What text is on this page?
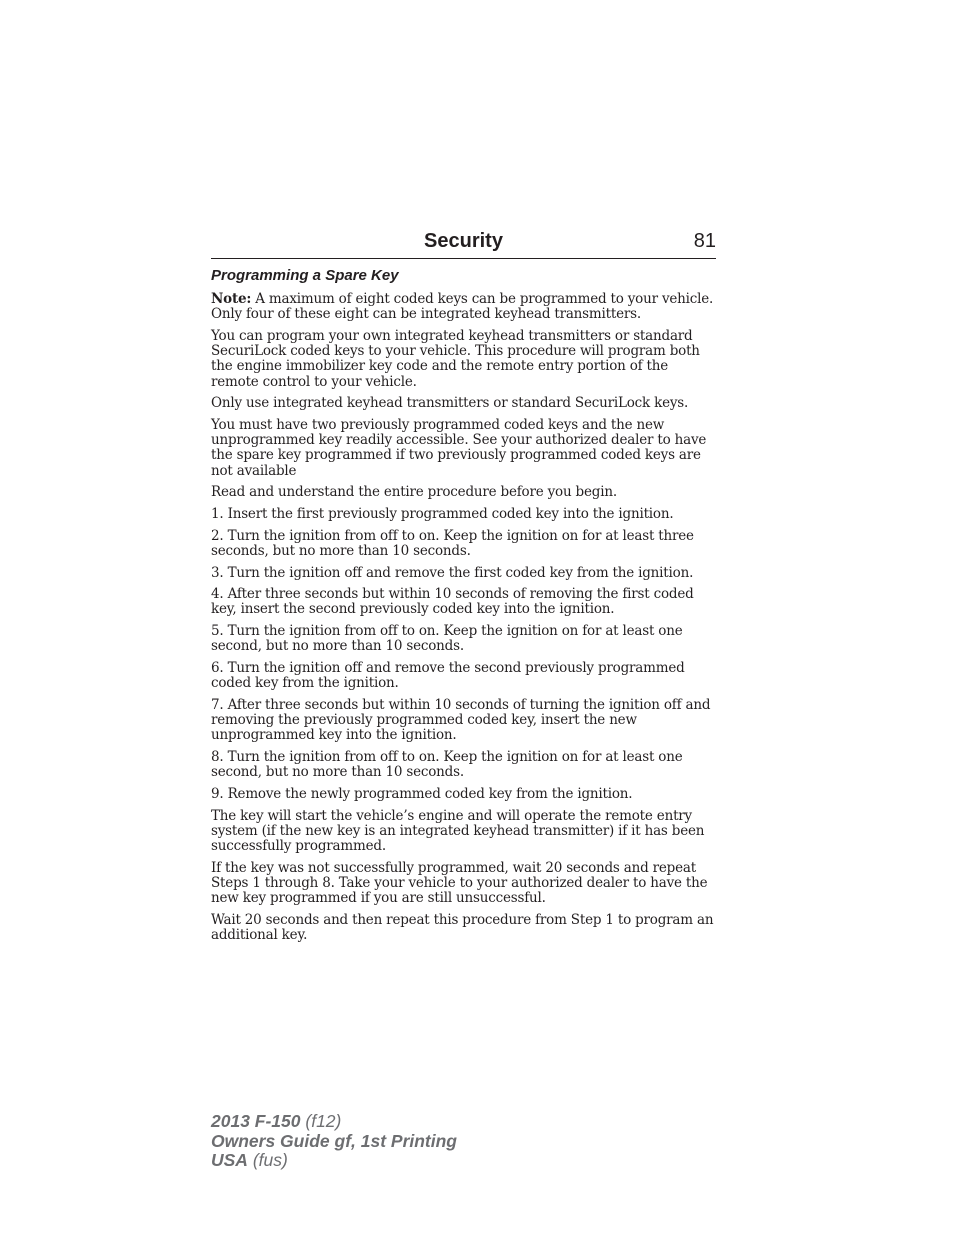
Security	81
Programming a Spare Key

Note: A maximum of eight coded keys can be programmed to your vehicle. Only four of these eight can be integrated keyhead transmitters.

You can program your own integrated keyhead transmitters or standard SecuriLock coded keys to your vehicle. This procedure will program both the engine immobilizer key code and the remote entry portion of the remote control to your vehicle.

Only use integrated keyhead transmitters or standard SecuriLock keys.

You must have two previously programmed coded keys and the new unprogrammed key readily accessible. See your authorized dealer to have the spare key programmed if two previously programmed coded keys are not available

Read and understand the entire procedure before you begin.

1. Insert the first previously programmed coded key into the ignition.

2. Turn the ignition from off to on. Keep the ignition on for at least three seconds, but no more than 10 seconds.

3. Turn the ignition off and remove the first coded key from the ignition.

4. After three seconds but within 10 seconds of removing the first coded key, insert the second previously coded key into the ignition.

5. Turn the ignition from off to on. Keep the ignition on for at least one second, but no more than 10 seconds.

6. Turn the ignition off and remove the second previously programmed coded key from the ignition.

7. After three seconds but within 10 seconds of turning the ignition off and removing the previously programmed coded key, insert the new unprogrammed key into the ignition.

8. Turn the ignition from off to on. Keep the ignition on for at least one second, but no more than 10 seconds.

9. Remove the newly programmed coded key from the ignition.

The key will start the vehicle’s engine and will operate the remote entry system (if the new key is an integrated keyhead transmitter) if it has been successfully programmed.

If the key was not successfully programmed, wait 20 seconds and repeat Steps 1 through 8. Take your vehicle to your authorized dealer to have the new key programmed if you are still unsuccessful.

Wait 20 seconds and then repeat this procedure from Step 1 to program an additional key.

2013 F-150 (f12)
Owners Guide gf, 1st Printing
USA (fus)
